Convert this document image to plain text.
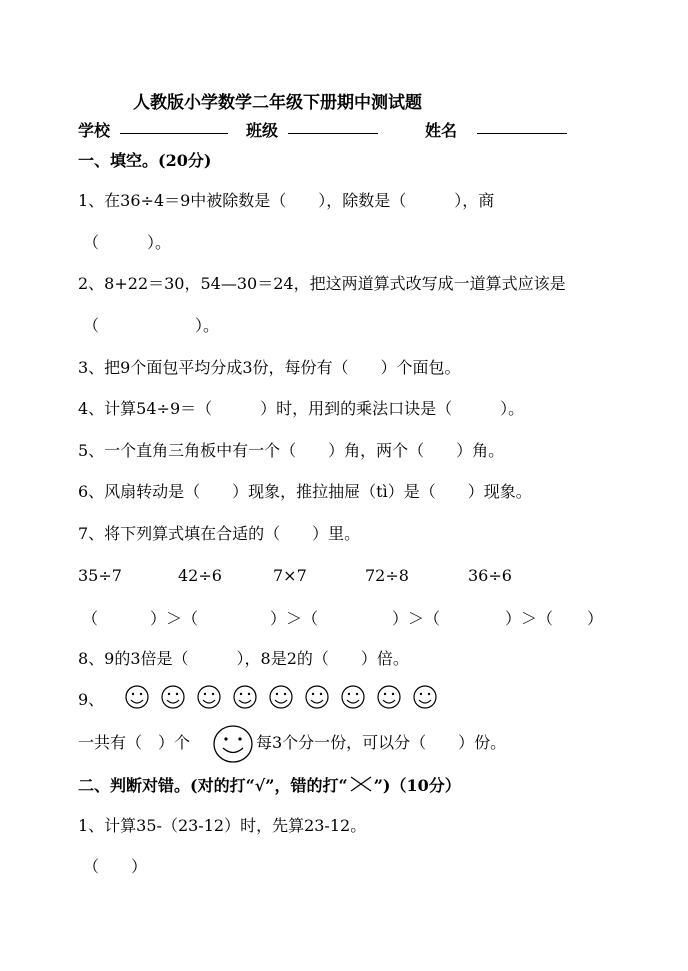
人教版小学数学二年级下册期中测试题
学校	班级	姓名
一、填空。(20分)
1、在36÷4＝9中被除数是（　　），除数是（　　　），商
（　　　）。
2、8+22＝30，54—30＝24，把这两道算式改写成一道算式应该是
（　　　　　　）。
3、把9个面包平均分成3份，每份有（　　）个面包。
4、计算54÷9＝（　　　）时，用到的乘法口诀是（　　　）。
5、一个直角三角板中有一个（　　）角，两个（　　）角。
6、风扇转动是（　　）现象，推拉抽屉（tì）是（　　）现象。
7、将下列算式填在合适的（　　）里。
35÷7	42÷6	7×7	72÷8	36÷6
（	）＞（	）＞（	）＞（	）＞（ ）
8、9的3倍是（　　　），8是2的（　　）倍。
9、
一共有（　）个	每3个分一份，可以分（　　）份。
二、判断对错。(对的打“√”，错的打“ ”)（10分）
1、计算35-（23-12）时，先算23-12。
（　　）
